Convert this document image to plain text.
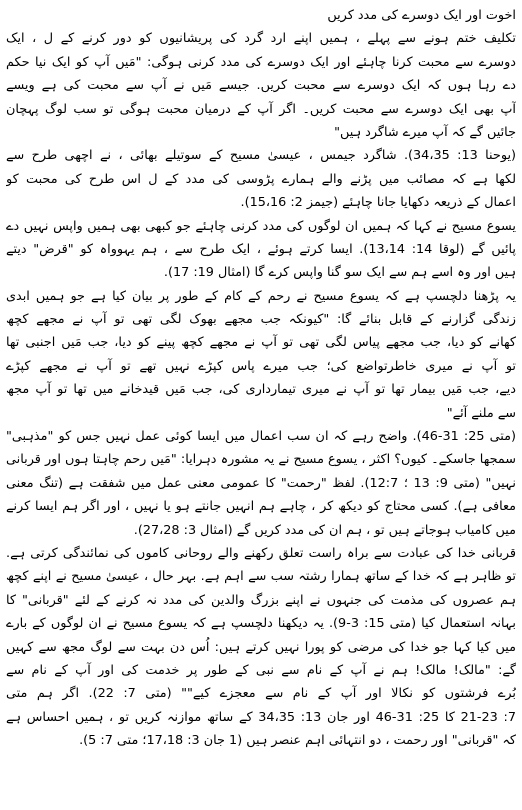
اخوت اور ایک دوسرے کی مدد کریں
تکلیف ختم ہونے سے پہلے ، ہمیں اپنے ارد گرد کی پریشانیوں کو دور کرنے کے ل ، ایک
دوسرے سے محبت کرنا چاہئے اور ایک دوسرے کی مدد کرنی ہوگی: "مَیں آپ کو ایک نیا حکم
دے رہا ہوں کہ ایک دوسرے سے محبت کریں. جیسے مَیں نے آپ سے محبت کی ہے ویسے
آپ بھی ایک دوسرے سے محبت کریں۔ اگر آپ کے درمیان محبت ہوگی تو سب لوگ پہچان
جائیں گے کہ آپ میرے شاگرد ہیں"
(یوحنا 13: 34،35). شاگرد جیمس ، عیسیٰ مسیح کے سوتیلے بھائی ، نے اچھی طرح سے
لکھا ہے کہ مصائب میں پڑنے والے ہمارے پڑوسی کی مدد کے ل اس طرح کی محبت کو
اعمال کے ذریعہ دکھایا جانا چاہئے (جیمز 2: 15،16).
یسوع مسیح نے کہا کہ ہمیں ان لوگوں کی مدد کرنی چاہئے جو کبھی بھی ہمیں واپس نہیں دے
پائیں گے (لوقا 14: 13،14). ایسا کرتے ہوئے ، ایک طرح سے ، ہم یہوواہ کو "قرض" دیتے
ہیں اور وہ اسے ہم سے ایک سو گنا واپس کرے گا (امثال 19: 17).
یہ پڑھنا دلچسپ ہے کہ یسوع مسیح نے رحم کے کام کے طور پر بیان کیا ہے جو ہمیں ابدی
زندگی گزارنے کے قابل بنائے گا: "کیونکہ جب مجھے بھوک لگی تھی تو آپ نے مجھے کچھ
کھانے کو دیا، جب مجھے پیاس لگی تھی تو آپ نے مجھے کچھ پینے کو دیا، جب مَیں اجنبی تھا
تو آپ نے میری خاطرتواضع کی؛ جب میرے پاس کپڑے نہیں تھے تو آپ نے مجھے کپڑے
دیے، جب مَیں بیمار تھا تو آپ نے میری تیمارداری کی، جب مَیں قیدخانے میں تھا تو آپ مجھ
سے ملنے آئے"
(متی 25: 31-46). واضح رہے کہ ان سب اعمال میں ایسا کوئی عمل نہیں جس کو "مذہبی"
سمجھا جاسکے۔ کیوں؟ اکثر ، یسوع مسیح نے یہ مشورہ دہرایا: "مَیں رحم چاہتا ہوں اور قربانی
نہیں" (متی 9: 13 ؛ 12:7). لفظ "رحمت" کا عمومی معنی عمل میں شفقت ہے (تنگ معنی
معافی ہے). کسی محتاج کو دیکھ کر ، چاہے ہم انہیں جانتے ہو یا نہیں ، اور اگر ہم ایسا کرنے
میں کامیاب ہوجاتے ہیں تو ، ہم ان کی مدد کریں گے (امثال 3: 27،28).
قربانی خدا کی عبادت سے براہ راست تعلق رکھنے والے روحانی کاموں کی نمائندگی کرتی ہے.
تو ظاہر ہے کہ خدا کے ساتھ ہمارا رشتہ سب سے اہم ہے. بہر حال ، عیسیٰ مسیح نے اپنے کچھ
ہم عصروں کی مذمت کی جنہوں نے اپنے بزرگ والدین کی مدد نہ کرنے کے لئے "قربانی" کا
بہانہ استعمال کیا (متی 15: 3-9). یہ دیکھنا دلچسپ ہے کہ یسوع مسیح نے ان لوگوں کے بارے
میں کیا کہا جو خدا کی مرضی کو پورا نہیں کرتے ہیں: اُس دن بہت سے لوگ مجھ سے کہیں
گے: "مالک! مالک! ہم نے آپ کے نام سے نبی کے طور پر خدمت کی اور آپ کے نام سے
بُرے فرشتوں کو نکالا اور آپ کے نام سے معجزے کیے"" (متی 7: 22). اگر ہم متی
7: 21-23 کا 25: 31-46 اور جان 13: 34،35 کے ساتھ موازنہ کریں تو ، ہمیں احساس ہے
کہ "قربانی" اور رحمت ، دو انتہائی اہم عنصر ہیں (1 جان 3: 17،18؛ متی 7: 5).
